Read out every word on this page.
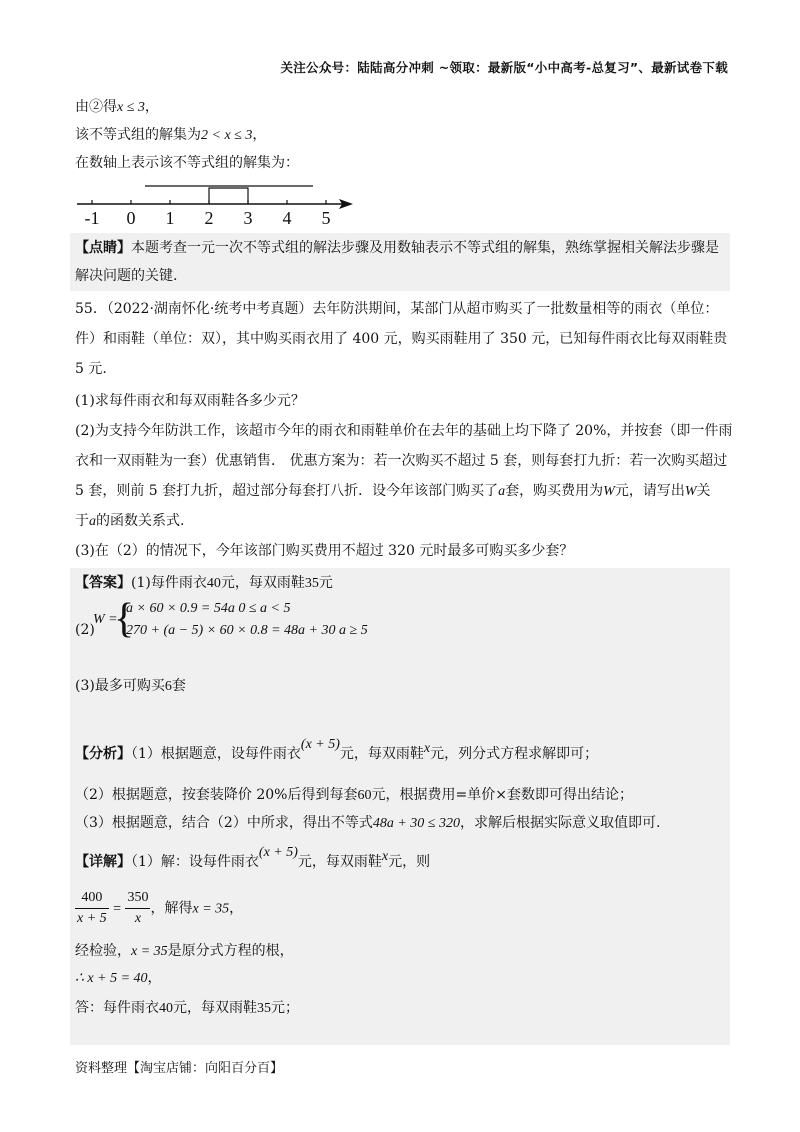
关注公众号：陆陆高分冲刺 ~领取：最新版“小中高考-总复习”、最新试卷下载
由②得x ≤ 3，
该不等式组的解集为2 < x ≤ 3，
在数轴上表示该不等式组的解集为：
-1 0 1 2 3 4 5
【点睛】本题考查一元一次不等式组的解法步骤及用数轴表示不等式组的解集，熟练掌握相关解法步骤是
解决问题的关键.
55．（2022·湖南怀化·统考中考真题）去年防洪期间，某部门从超市购买了一批数量相等的雨衣（单位：
件）和雨鞋（单位：双），其中购买雨衣用了 400 元，购买雨鞋用了 350 元，已知每件雨衣比每双雨鞋贵
5 元.
(1)求每件雨衣和每双雨鞋各多少元？
(2)为支持今年防洪工作，该超市今年的雨衣和雨鞋单价在去年的基础上均下降了 20%，并按套（即一件雨
衣和一双雨鞋为一套）优惠销售． 优惠方案为：若一次购买不超过 5 套，则每套打九折：若一次购买超过
5 套，则前 5 套打九折，超过部分每套打八折．设今年该部门购买了a套，购买费用为W元，请写出W关
于a的函数关系式.
(3)在（2）的情况下，今年该部门购买费用不超过 320 元时最多可购买多少套？
【答案】(1)每件雨衣40元，每双雨鞋35元
(2)
W =
{
a × 60 × 0.9 = 54a 0 ≤ a < 5
270 + (a − 5) × 60 × 0.8 = 48a + 30 a ≥ 5
(3)最多可购买6套
【分析】（1）根据题意，设每件雨衣(x + 5)元，每双雨鞋x元，列分式方程求解即可；
（2）根据题意，按套装降价 20%后得到每套60元，根据费用=单价×套数即可得出结论；
（3）根据题意，结合（2）中所求，得出不等式48a + 30 ≤ 320，求解后根据实际意义取值即可.
【详解】（1）解：设每件雨衣(x + 5)元，每双雨鞋x元，则
$\frac{400}{x + 5} = \frac{350}{x}$ ，解得x = 35，
经检验，x = 35是原分式方程的根，
∴ x + 5 = 40，
答：每件雨衣40元，每双雨鞋35元；
资料整理【淘宝店铺：向阳百分百】
